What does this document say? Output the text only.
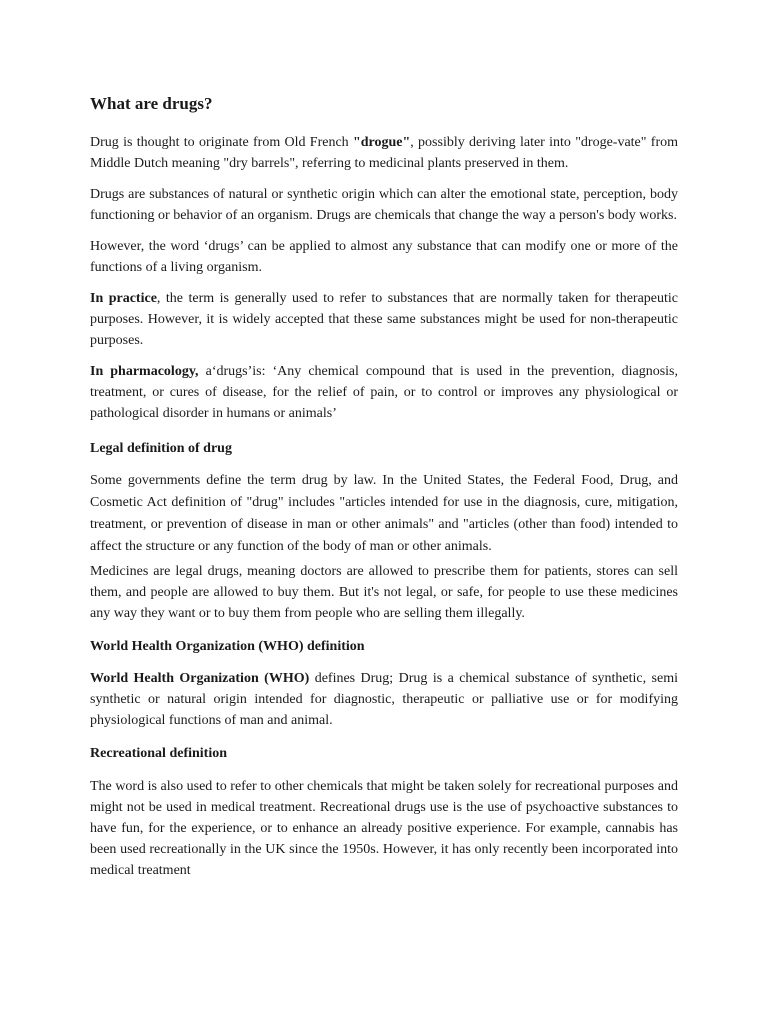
What are drugs?

Drug is thought to originate from Old French "drogue", possibly deriving later into "droge-vate" from Middle Dutch meaning "dry barrels", referring to medicinal plants preserved in them.

Drugs are substances of natural or synthetic origin which can alter the emotional state, perception, body functioning or behavior of an organism. Drugs are chemicals that change the way a person's body works.

However, the word ‘drugs’ can be applied to almost any substance that can modify one or more of the functions of a living organism.

In practice, the term is generally used to refer to substances that are normally taken for therapeutic purposes. However, it is widely accepted that these same substances might be used for non-therapeutic purposes.

In pharmacology, a‘drugs’is: ‘Any chemical compound that is used in the prevention, diagnosis, treatment, or cures of disease, for the relief of pain, or to control or improves any physiological or pathological disorder in humans or animals’

Legal definition of drug

Some governments define the term drug by law. In the United States, the Federal Food, Drug, and Cosmetic Act definition of "drug" includes "articles intended for use in the diagnosis, cure, mitigation, treatment, or prevention of disease in man or other animals" and "articles (other than food) intended to affect the structure or any function of the body of man or other animals.

Medicines are legal drugs, meaning doctors are allowed to prescribe them for patients, stores can sell them, and people are allowed to buy them. But it's not legal, or safe, for people to use these medicines any way they want or to buy them from people who are selling them illegally.

World Health Organization (WHO) definition

World Health Organization (WHO) defines Drug; Drug is a chemical substance of synthetic, semi synthetic or natural origin intended for diagnostic, therapeutic or palliative use or for modifying physiological functions of man and animal.

Recreational definition

The word is also used to refer to other chemicals that might be taken solely for recreational purposes and might not be used in medical treatment. Recreational drugs use is the use of psychoactive substances to have fun, for the experience, or to enhance an already positive experience. For example, cannabis has been used recreationally in the UK since the 1950s. However, it has only recently been incorporated into medical treatment
